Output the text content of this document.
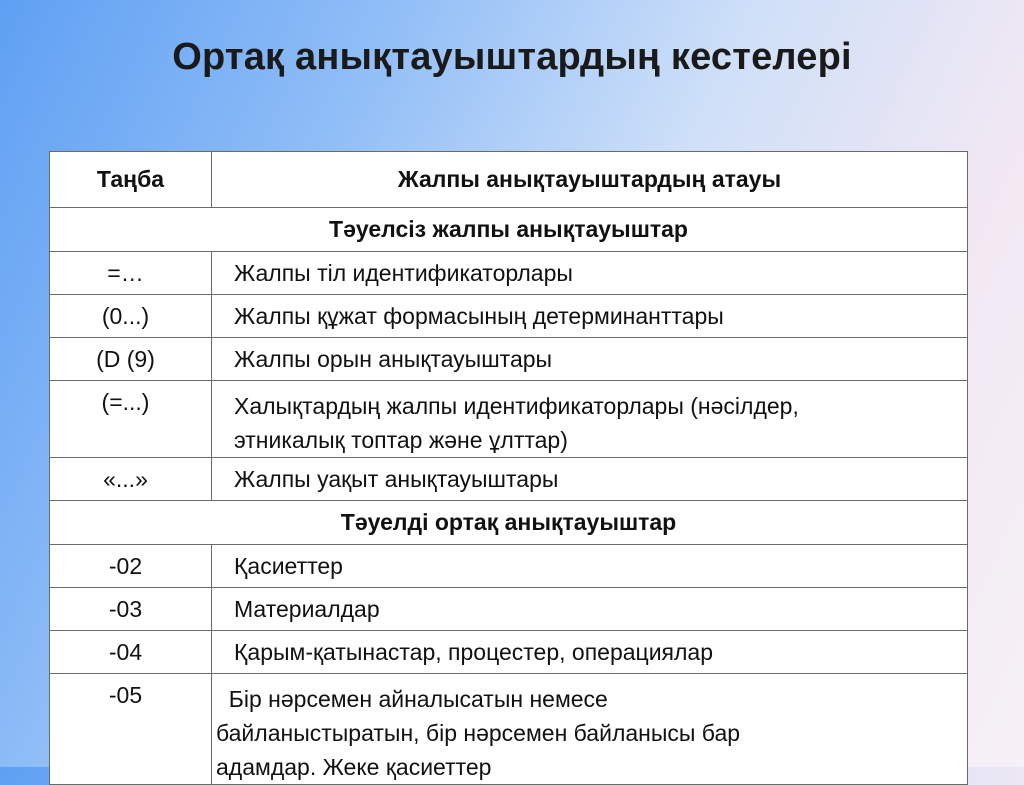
Ортақ анықтауыштардың кестелері
Таңба	Жалпы анықтауыштардың атауы
Тәуелсіз жалпы анықтауыштар	
=…	Жалпы тіл идентификаторлары
(0...)	Жалпы құжат формасының детерминанттары
(D (9)	Жалпы орын анықтауыштары
(=...)	Халықтардың жалпы идентификаторлары (нәсілдер,
этникалық топтар және ұлттар)

«...»	Жалпы уақыт анықтауыштары
Тәуелді ортақ анықтауыштар	
-02	Қасиеттер
-03	Материалдар
-04	Қарым-қатынастар, процестер, операциялар
-05	Бір нәрсемен айналысатын немесе
байланыстыратын, бір нәрсемен байланысы бар
адамдар. Жеке қасиеттер
